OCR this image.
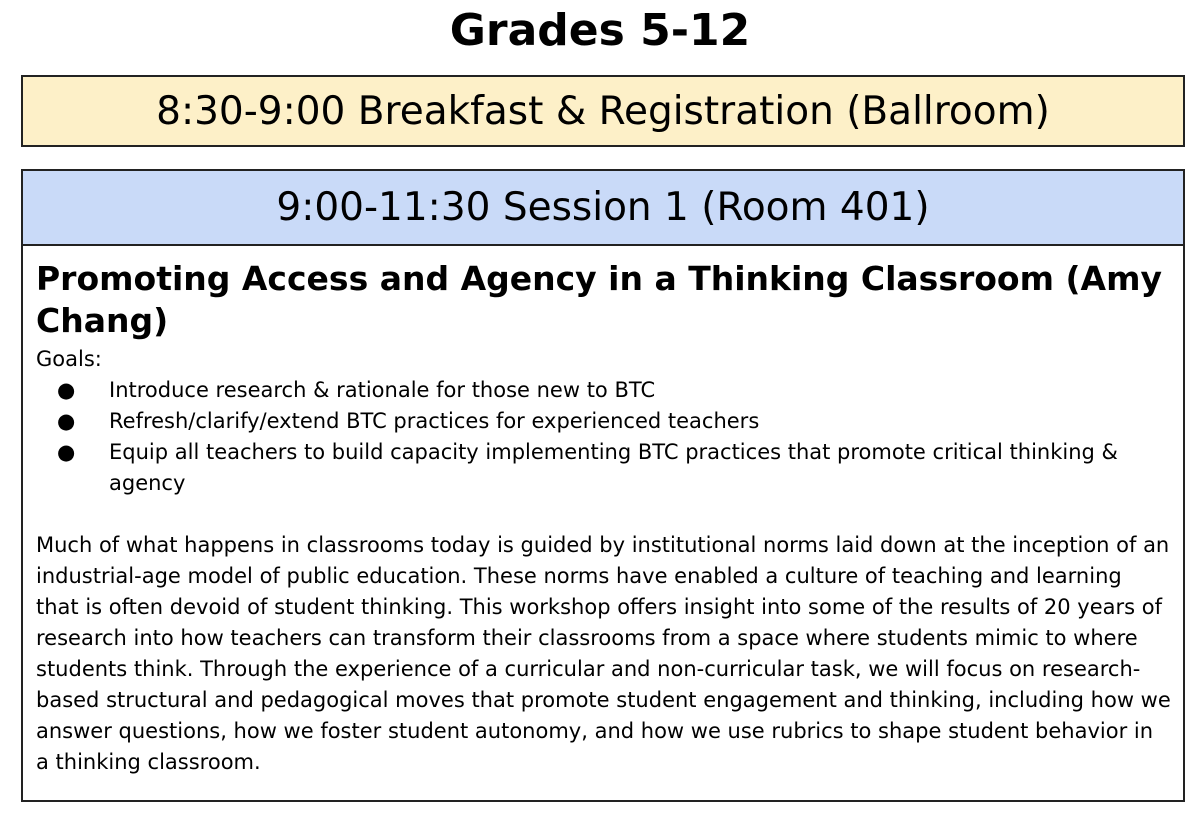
Grades 5-12
8:30-9:00 Breakfast & Registration (Ballroom)
9:00-11:30 Session 1 (Room 401)
Promoting Access and Agency in a Thinking Classroom (Amy Chang)
Goals:
● Introduce research & rationale for those new to BTC
● Refresh/clarify/extend BTC practices for experienced teachers
● Equip all teachers to build capacity implementing BTC practices that promote critical thinking & agency
Much of what happens in classrooms today is guided by institutional norms laid down at the inception of an industrial-age model of public education. These norms have enabled a culture of teaching and learning that is often devoid of student thinking. This workshop offers insight into some of the results of 20 years of research into how teachers can transform their classrooms from a space where students mimic to where students think. Through the experience of a curricular and non-curricular task, we will focus on research- based structural and pedagogical moves that promote student engagement and thinking, including how we answer questions, how we foster student autonomy, and how we use rubrics to shape student behavior in a thinking classroom.
